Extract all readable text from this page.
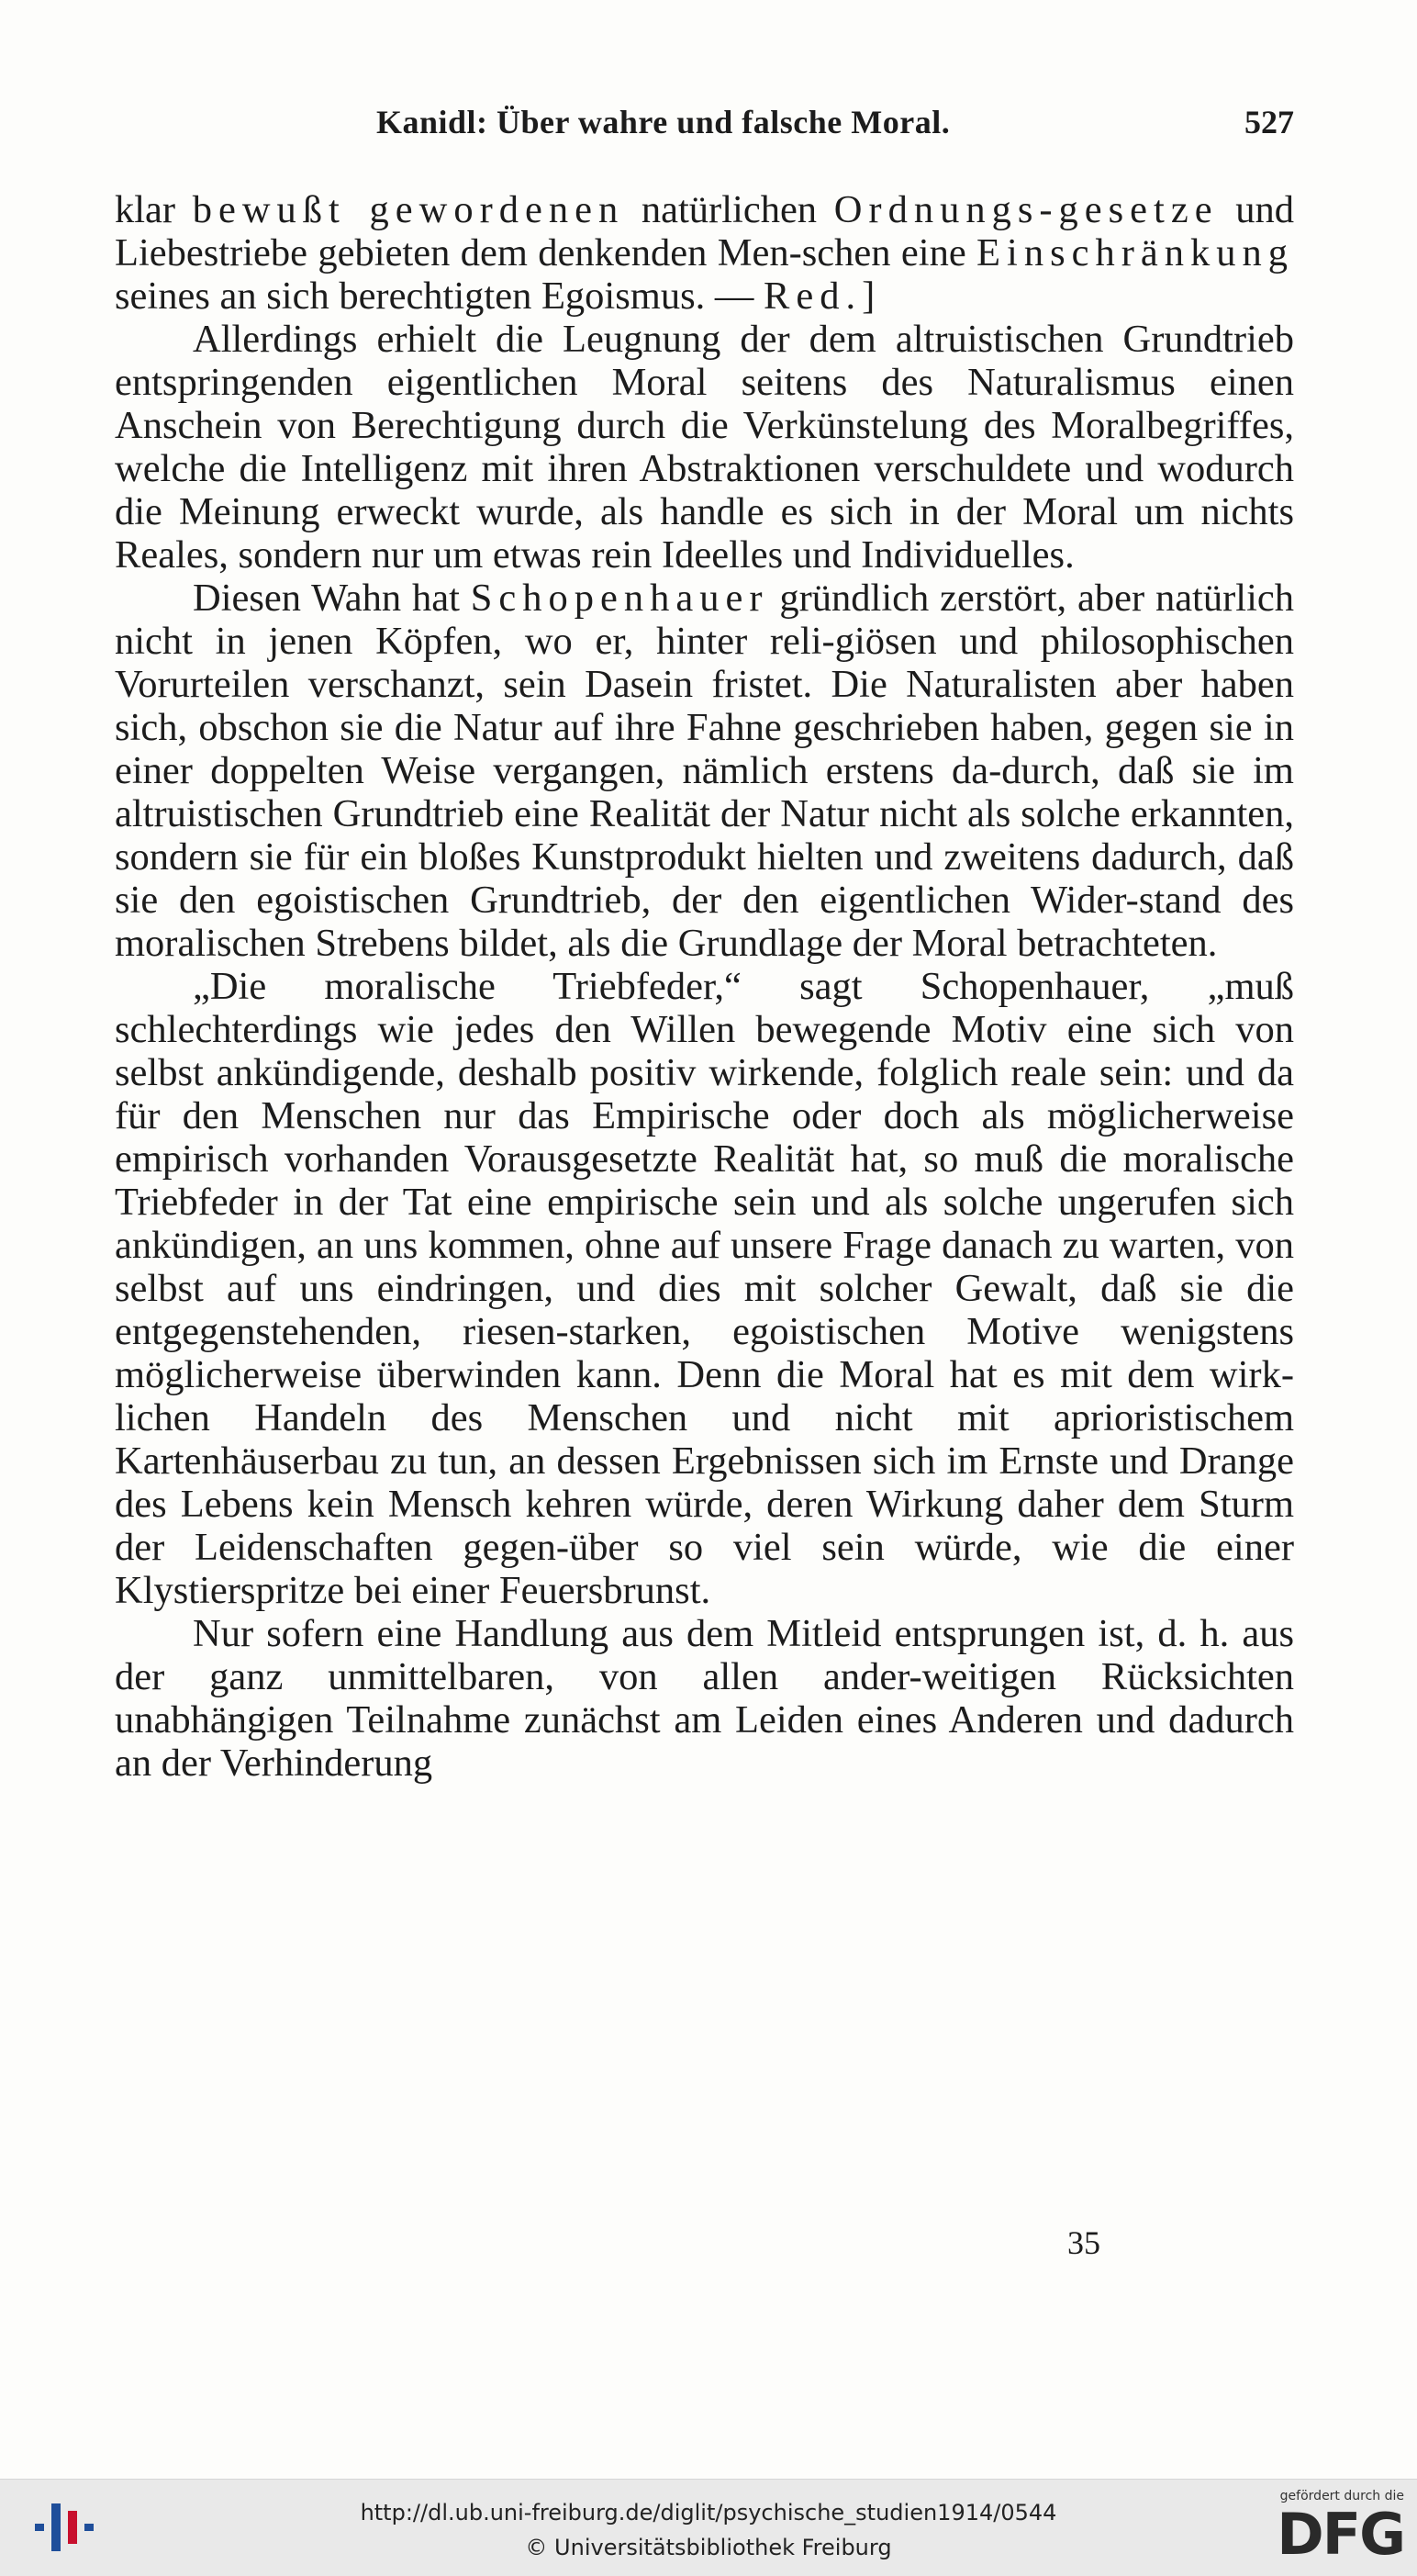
Kanidl: Über wahre und falsche Moral.	527

klar bewußt gewordenen natürlichen Ordnungs-gesetze und Liebestriebe gebieten dem denkenden Men-schen eine Einschränkung seines an sich berechtigten Egoismus. — Red.]

Allerdings erhielt die Leugnung der dem altruistischen Grundtrieb entspringenden eigentlichen Moral seitens des Naturalismus einen Anschein von Berechtigung durch die Verkünstelung des Moralbegriffes, welche die Intelligenz mit ihren Abstraktionen verschuldete und wodurch die Meinung erweckt wurde, als handle es sich in der Moral um nichts Reales, sondern nur um etwas rein Ideelles und Individuelles.

Diesen Wahn hat Schopenhauer gründlich zerstört, aber natürlich nicht in jenen Köpfen, wo er, hinter reli-giösen und philosophischen Vorurteilen verschanzt, sein Dasein fristet. Die Naturalisten aber haben sich, obschon sie die Natur auf ihre Fahne geschrieben haben, gegen sie in einer doppelten Weise vergangen, nämlich erstens da-durch, daß sie im altruistischen Grundtrieb eine Realität der Natur nicht als solche erkannten, sondern sie für ein bloßes Kunstprodukt hielten und zweitens dadurch, daß sie den egoistischen Grundtrieb, der den eigentlichen Wider-stand des moralischen Strebens bildet, als die Grundlage der Moral betrachteten.

„Die moralische Triebfeder,“ sagt Schopenhauer, „muß schlechterdings wie jedes den Willen bewegende Motiv eine sich von selbst ankündigende, deshalb positiv wirkende, folglich reale sein: und da für den Menschen nur das Empirische oder doch als möglicherweise empirisch vorhanden Vorausgesetzte Realität hat, so muß die moralische Triebfeder in der Tat eine empirische sein und als solche ungerufen sich ankündigen, an uns kommen, ohne auf unsere Frage danach zu warten, von selbst auf uns eindringen, und dies mit solcher Gewalt, daß sie die entgegenstehenden, riesen-starken, egoistischen Motive wenigstens möglicherweise überwinden kann. Denn die Moral hat es mit dem wirk-lichen Handeln des Menschen und nicht mit aprioristischem Kartenhäuserbau zu tun, an dessen Ergebnissen sich im Ernste und Drange des Lebens kein Mensch kehren würde, deren Wirkung daher dem Sturm der Leidenschaften gegen-über so viel sein würde, wie die einer Klystierspritze bei einer Feuersbrunst.

Nur sofern eine Handlung aus dem Mitleid entsprungen ist, d. h. aus der ganz unmittelbaren, von allen ander-weitigen Rücksichten unabhängigen Teilnahme zunächst am Leiden eines Anderen und dadurch an der Verhinderung

35
http://dl.ub.uni-freiburg.de/diglit/psychische_studien1914/0544
© Universitätsbibliothek Freiburg
gefördert durch die
DFG
